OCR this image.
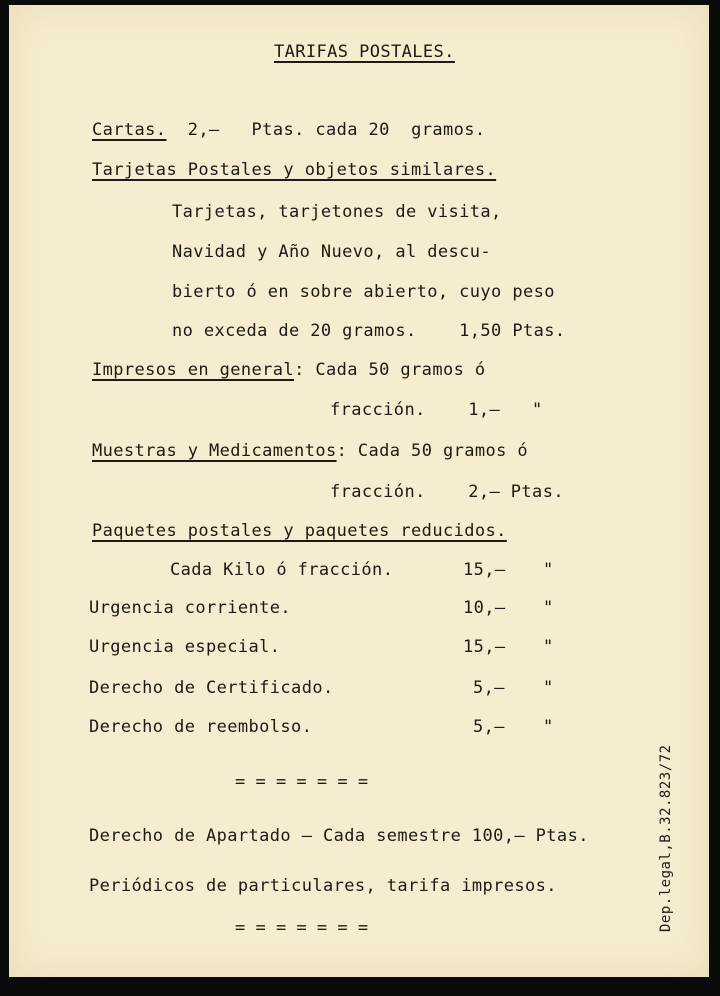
TARIFAS POSTALES.
Cartas. 2,— Ptas. cada 20  gramos.
Tarjetas Postales y objetos similares.
Tarjetas, tarjetones de visita,
Navidad y Año Nuevo, al descu-
bierto ó en sobre abierto, cuyo peso
no exceda de 20 gramos.    1,50 Ptas.
Impresos en general: Cada 50 gramos ó
fracción.    1,—   "
Muestras y Medicamentos: Cada 50 gramos ó
fracción.    2,— Ptas.
Paquetes postales y paquetes reducidos.
Cada Kilo ó fracción.
Urgencia corriente.
Urgencia especial.
Derecho de Certificado.
Derecho de reembolso.
15,—
10,—
15,—
5,—
5,—
"
"
"
"
"
= = = = = = =
Derecho de Apartado — Cada semestre 100,— Ptas.
Periódicos de particulares, tarifa impresos.
= = = = = = =	Dep.legal,B.32.823/72
